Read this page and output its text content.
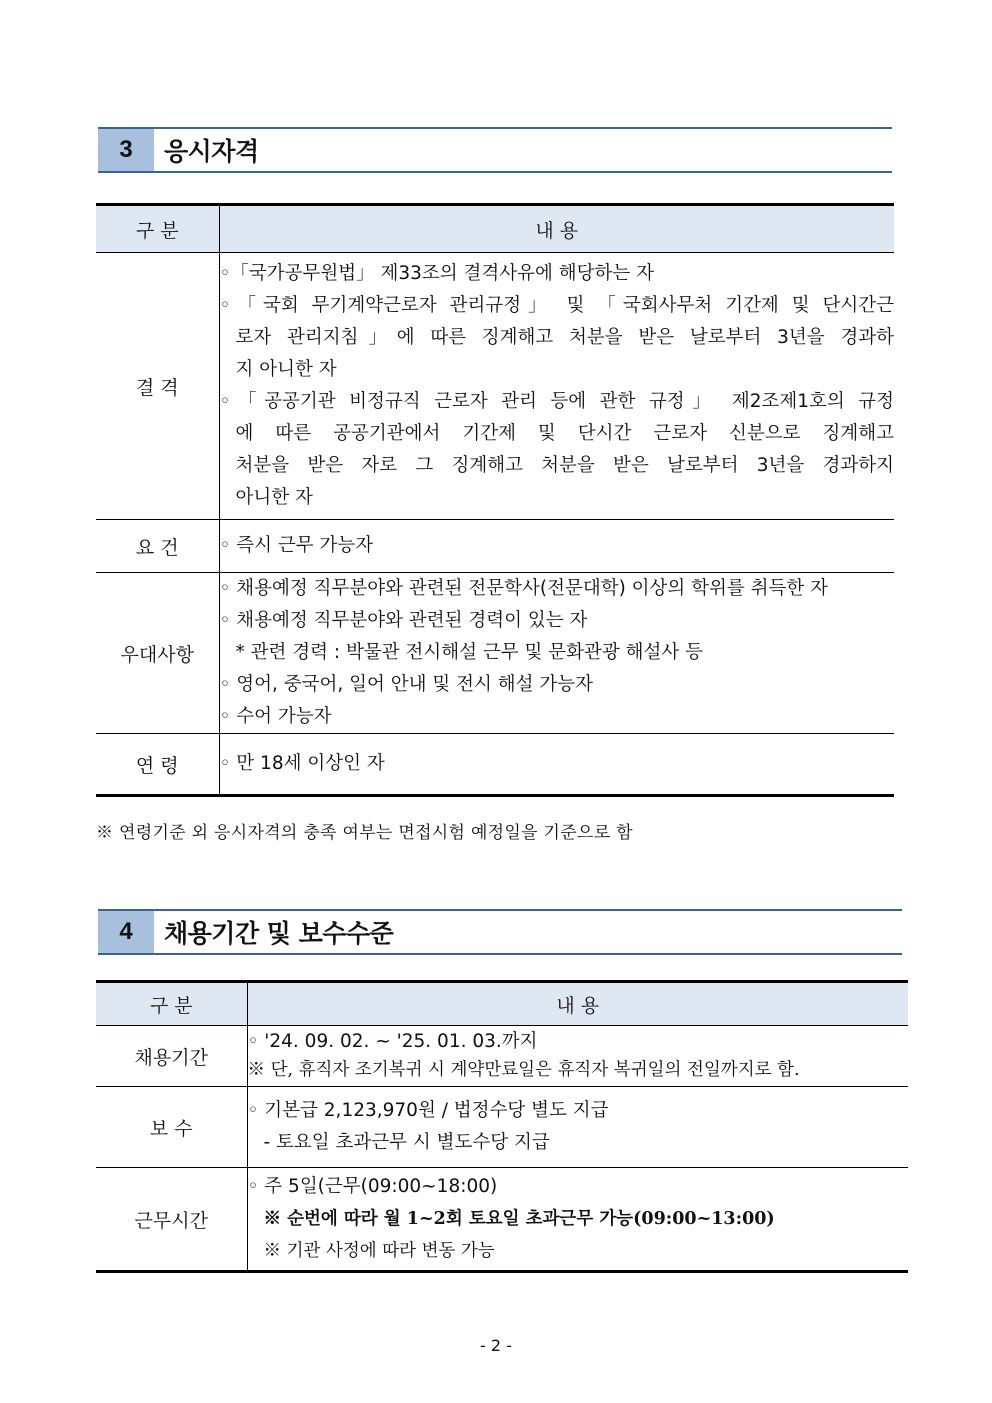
3	응시자격
구 분	내 용
결 격	
◦「국가공무원법」 제33조의 결격사유에 해당하는 자
◦「국회 무기계약근로자 관리규정」 및 「국회사무처 기간제 및 단시간근
로자 관리지침」에 따른 징계해고 처분을 받은 날로부터 3년을 경과하
지 아니한 자
◦「공공기관 비정규직 근로자 관리 등에 관한 규정」 제2조제1호의 규정
에 따른 공공기관에서 기간제 및 단시간 근로자 신분으로 징계해고
처분을 받은 자로 그 징계해고 처분을 받은 날로부터 3년을 경과하지
아니한 자

요 건	◦ 즉시 근무 가능자

우대사항	◦ 채용예정 직무분야와 관련된 전문학사(전문대학) 이상의 학위를 취득한 자
◦ 채용예정 직무분야와 관련된 경력이 있는 자
* 관련 경력 : 박물관 전시해설 근무 및 문화관광 해설사 등
◦ 영어, 중국어, 일어 안내 및 전시 해설 가능자
◦ 수어 가능자

연 령	◦ 만 18세 이상인 자
※ 연령기준 외 응시자격의 충족 여부는 면접시험 예정일을 기준으로 함
4	채용기간 및 보수수준
구 분	내 용
채용기간	◦ '24. 09. 02. ~ '25. 01. 03.까지
※ 단, 휴직자 조기복귀 시 계약만료일은 휴직자 복귀일의 전일까지로 함.

보 수	◦ 기본급 2,123,970원 / 법정수당 별도 지급
- 토요일 초과근무 시 별도수당 지급

근무시간	◦ 주 5일(근무(09:00~18:00)
※ 순번에 따라 월 1~2회 토요일 초과근무 가능(09:00~13:00)
※ 기관 사정에 따라 변동 가능
- 2 -
